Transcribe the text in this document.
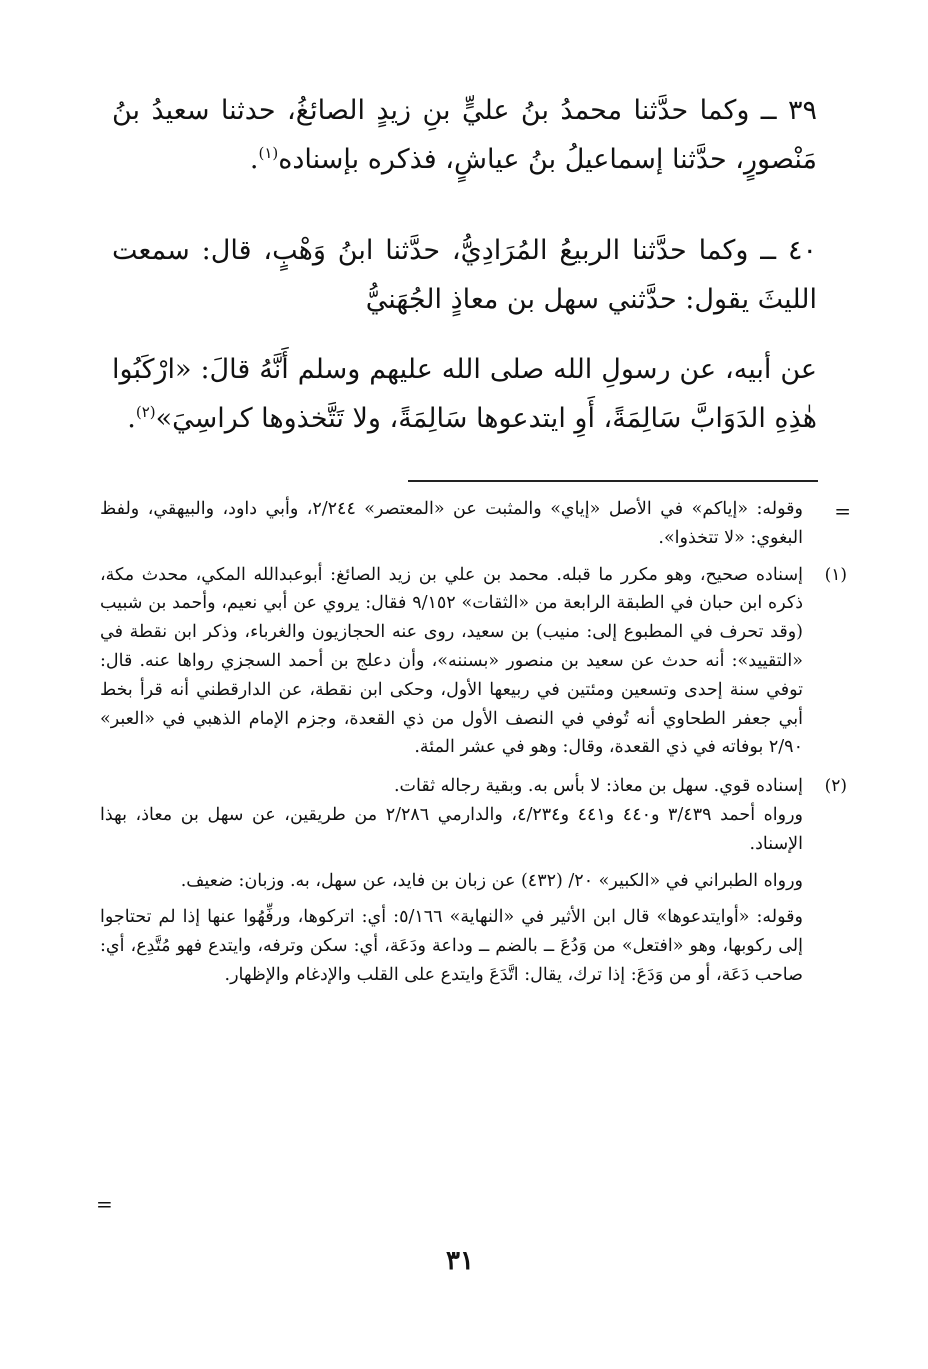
٣٩ ــ وكما حدَّثنا محمدُ بنُ عليٍّ بنِ زيدٍ الصائغُ، حدثنا سعيدُ بنُ مَنْصورٍ، حدَّثنا إسماعيلُ بنُ عياشٍ، فذكره بإسناده$^{(١)}$.

٤٠ ــ وكما حدَّثنا الربيعُ المُرَادِيُّ، حدَّثنا ابنُ وَهْبٍ، قال: سمعت الليثَ يقول: حدَّثني سهل بن معاذٍ الجُهَنيُّ

عن أبيه، عن رسولِ الله صلى الله عليهم وسلم أَنَّهُ قالَ: «ارْكَبُوا هٰذِهِ الدَوَابَّ سَالِمَةً، أَوِ ايتدعوها سَالِمَةً، ولا تَتَّخذوها كراسِيَ»$^{(٢)}$.

=
وقوله: «إياكم» في الأصل «إياي» والمثبت عن «المعتصر» ٢/٢٤٤، وأبي داود، والبيهقي، ولفظ البغوي: «لا تتخذوا».
(١)
إسناده صحيح، وهو مكرر ما قبله. محمد بن علي بن زيد الصائغ: أبوعبدالله المكي، محدث مكة، ذكره ابن حبان في الطبقة الرابعة من «الثقات» ٩/١٥٢ فقال: يروي عن أبي نعيم، وأحمد بن شبيب (وقد تحرف في المطبوع إلى: منيب) بن سعيد، روى عنه الحجازيون والغرباء، وذكر ابن نقطة في «التقييد»: أنه حدث عن سعيد بن منصور «بسننه»، وأن دعلج بن أحمد السجزي رواها عنه. قال: توفي سنة إحدى وتسعين ومئتين في ربيعها الأول، وحكى ابن نقطة، عن الدارقطني أنه قرأ بخط أبي جعفر الطحاوي أنه تُوفي في النصف الأول من ذي القعدة، وجزم الإمام الذهبي في «العبر» ٢/٩٠ بوفاته في ذي القعدة، وقال: وهو في عشر المئة.
(٢)
إسناده قوي. سهل بن معاذ: لا بأس به. وبقية رجاله ثقات.
ورواه أحمد ٣/٤٣٩ و٤٤٠ و٤٤١ و٤/٢٣٤، والدارمي ٢/٢٨٦ من طريقين، عن سهل بن معاذ، بهذا الإسناد.
ورواه الطبراني في «الكبير» ٢٠/ (٤٣٢) عن زبان بن فايد، عن سهل، به. وزبان: ضعيف.
وقوله: «أوايتدعوها» قال ابن الأثير في «النهاية» ٥/١٦٦: أي: اتركوها، ورفِّهُوا عنها إذا لم تحتاجوا إلى ركوبها، وهو «افتعل» من وَدُعَ ــ بالضم ــ وداعة ودَعَة، أي: سكن وترفه، وايتدع فهو مُتَّدِع، أي: صاحب دَعَة، أو من وَدَعَ: إذا ترك، يقال: اتَّدَعَ وايتدع على القلب والإدغام والإظهار.
=
٣١
